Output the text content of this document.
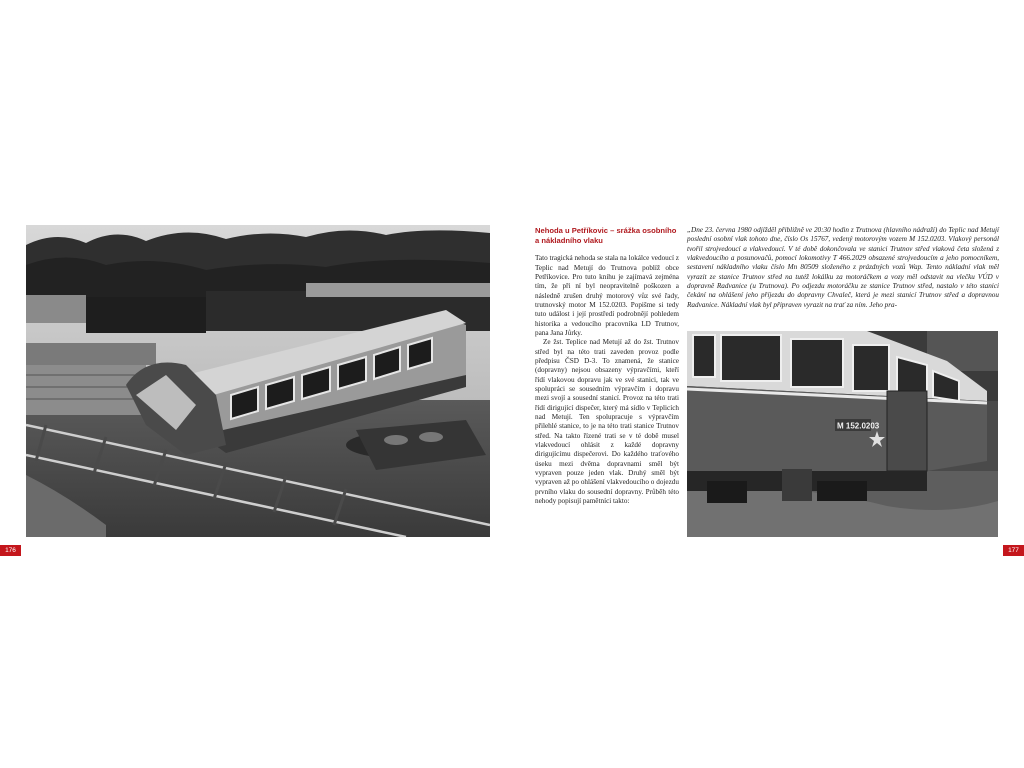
Nehoda u Petříkovic – srážka osobního a nákladního vlaku

Tato tragická nehoda se stala na lokálce vedoucí z Teplic nad Metují do Trutnova poblíž obce Petříkovice. Pro tuto knihu je zajímavá zejména tím, že při ní byl neopravitelně poškozen a následně zrušen druhý motorový vůz své řady, trutnovský motor M 152.0203. Popišme si tedy tuto událost i její prostředí podrobnějí pohledem historika a vedoucího pracovníka LD Trutnov, pana Jana Jůrky.

Ze žst. Teplice nad Metují až do žst. Trutnov střed byl na této trati zaveden provoz podle předpisu ČSD D-3. To znamená, že stanice (dopravny) nejsou obsazeny výpravčími, kteří řídí vlakovou dopravu jak ve své stanici, tak ve spolupráci se sousedním výpravčím i dopravu mezi svojí a sousední stanicí. Provoz na této trati řídí dirigující dispečer, který má sídlo v Teplicích nad Metují. Ten spolupracuje s výpravčím přilehlé stanice, to je na této trati stanice Trutnov střed. Na takto řízené trati se v té době musel vlakvedoucí ohlásit z každé dopravny dirigujícímu dispečerovi. Do každého traťového úseku mezi dvěma dopravnami směl být vypraven pouze jeden vlak. Druhý směl být vypraven až po ohlášení vlakvedoucího o dojezdu prvního vlaku do sousední dopravny. Průběh této nehody popisují pamětníci takto:

„Dne 23. června 1980 odjížděl přibližně ve 20:30 hodin z Trutnova (hlavního nádraží) do Teplic nad Metují poslední osobní vlak tohoto dne, číslo Os 15767, vedený motorovým vozem M 152.0203. Vlakový personál tvořil strojvedoucí a vlakvedoucí. V té době dokončovala ve stanici Trutnov střed vlaková četa složená z vlakvedoucího a posunovačů, pomocí lokomotivy T 466.2029 obsazené strojvedoucím a jeho pomocníkem, sestavení nákladního vlaku číslo Mn 80509 složeného z prázdných vozů Wap. Tento nákladní vlak měl vyrazit ze stanice Trutnov střed na tutéž lokálku za motoráčkem a vozy měl odstavit na vlečku VÚD v dopravně Radvanice (u Trutnova). Po odjezdu motoráčku ze stanice Trutnov střed, nastalo v této stanici čekání na ohlášení jeho příjezdu do dopravny Chvaleč, která je mezi stanicí Trutnov střed a dopravnou Radvanice. Nákladní vlak byl připraven vyrazit na trať za ním. Jeho pra-
M 152.0203
176	177
